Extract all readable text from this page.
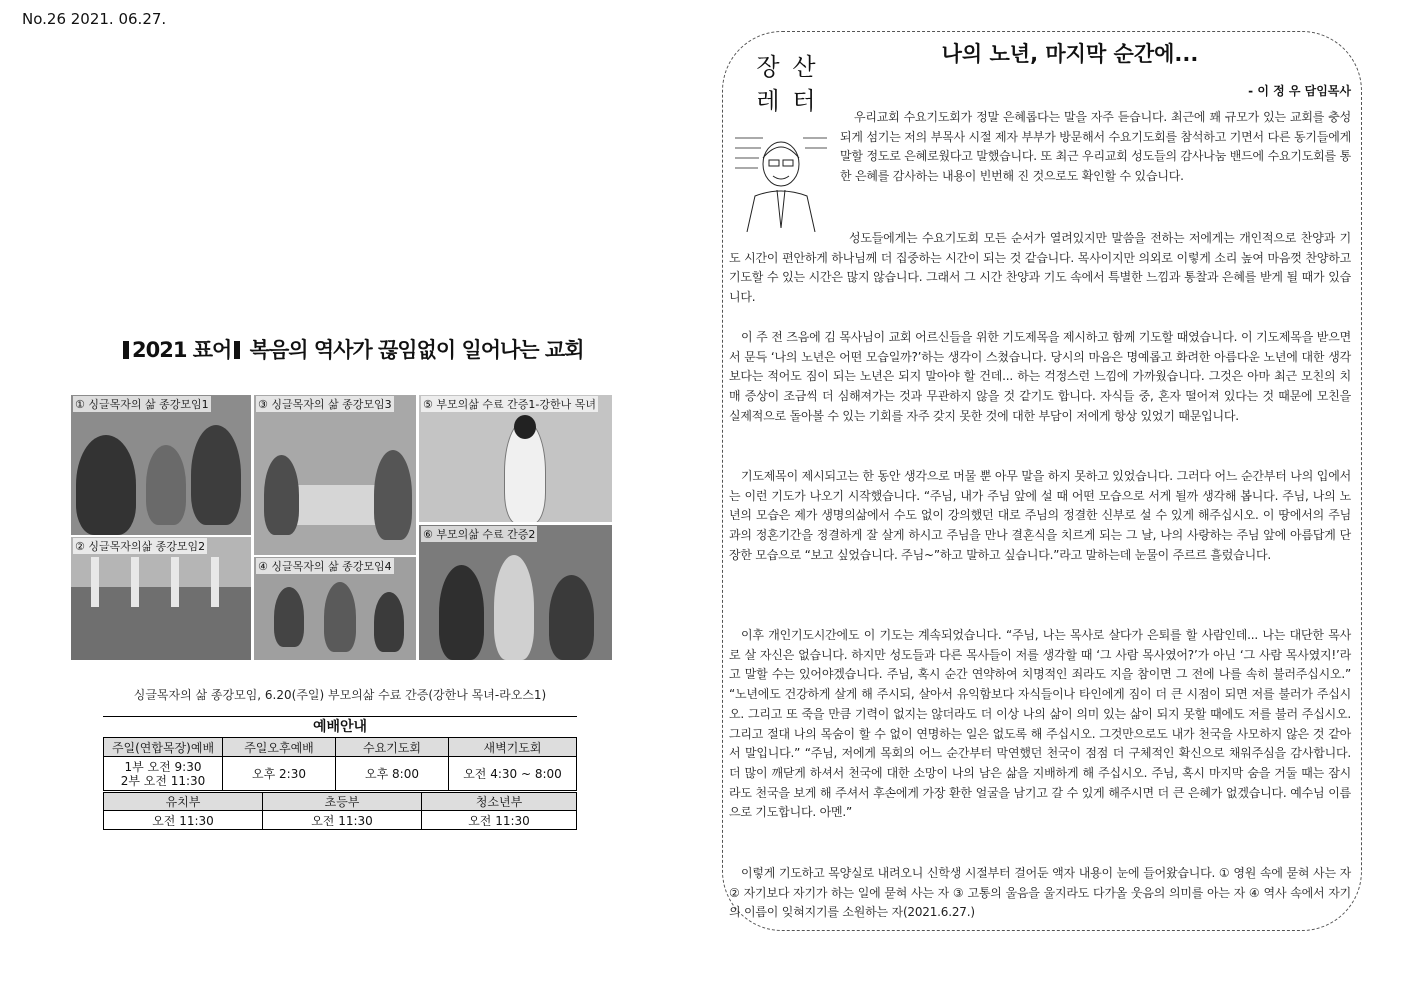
No.26 2021. 06.27.
2021 표어 복음의 역사가 끊임없이 일어나는 교회
① 싱글목자의 삶 종강모임1
② 싱글목자의삶 종강모임2
③ 싱글목자의 삶 종강모임3
④ 싱글목자의 삶 종강모임4
⑤ 부모의삶 수료 간증1-강한나 목녀
⑥ 부모의삶 수료 간증2
싱글목자의 삶 종강모임, 6.20(주일) 부모의삶 수료 간증(강한나 목녀-라오스1)
예배안내
주일(연합목장)예배	주일오후예배	수요기도회	새벽기도회
1부 오전 9:30
2부 오전 11:30	오후 2:30	오후 8:00	오전 4:30 ~ 8:00
유치부	초등부	청소년부
오전 11:30	오전 11:30	오전 11:30
장 산
레 터
나의 노년, 마지막 순간에...
- 이 정 우 담임목사
우리교회 수요기도회가 정말 은혜롭다는 말을 자주 듣습니다. 최근에 꽤 규모가 있는 교회를 충성되게 섬기는 저의 부목사 시절 제자 부부가 방문해서 수요기도회를 참석하고 기면서 다른 동기들에게 말할 정도로 은혜로웠다고 말했습니다. 또 최근 우리교회 성도들의 감사나눔 밴드에 수요기도회를 통한 은혜를 감사하는 내용이 빈번해 진 것으로도 확인할 수 있습니다.
성도들에게는 수요기도회 모든 순서가 열려있지만 말씀을 전하는 저에게는 개인적으로 찬양과 기도 시간이 편안하게 하나님께 더 집중하는 시간이 되는 것 같습니다. 목사이지만 의외로 이렇게 소리 높여 마음껏 찬양하고 기도할 수 있는 시간은 많지 않습니다. 그래서 그 시간 찬양과 기도 속에서 특별한 느낌과 통찰과 은혜를 받게 될 때가 있습니다.
이 주 전 즈음에 김 목사님이 교회 어르신들을 위한 기도제목을 제시하고 함께 기도할 때였습니다. 이 기도제목을 받으면서 문득 ‘나의 노년은 어떤 모습일까?’하는 생각이 스쳤습니다. 당시의 마음은 명예롭고 화려한 아름다운 노년에 대한 생각보다는 적어도 짐이 되는 노년은 되지 말아야 할 건데... 하는 걱정스런 느낌에 가까웠습니다. 그것은 아마 최근 모친의 치매 증상이 조금씩 더 심해져가는 것과 무관하지 않을 것 같기도 합니다. 자식들 중, 혼자 떨어져 있다는 것 때문에 모친을 실제적으로 돌아볼 수 있는 기회를 자주 갖지 못한 것에 대한 부담이 저에게 항상 있었기 때문입니다.
기도제목이 제시되고는 한 동안 생각으로 머물 뿐 아무 말을 하지 못하고 있었습니다. 그러다 어느 순간부터 나의 입에서는 이런 기도가 나오기 시작했습니다. “주님, 내가 주님 앞에 설 때 어떤 모습으로 서게 될까 생각해 봅니다. 주님, 나의 노년의 모습은 제가 생명의삶에서 수도 없이 강의했던 대로 주님의 정결한 신부로 설 수 있게 해주십시오. 이 땅에서의 주님과의 정혼기간을 정결하게 잘 살게 하시고 주님을 만나 결혼식을 치르게 되는 그 날, 나의 사랑하는 주님 앞에 아름답게 단장한 모습으로 “보고 싶었습니다. 주님~”하고 말하고 싶습니다.”라고 말하는데 눈물이 주르르 흘렀습니다.
이후 개인기도시간에도 이 기도는 계속되었습니다. “주님, 나는 목사로 살다가 은퇴를 할 사람인데... 나는 대단한 목사로 살 자신은 없습니다. 하지만 성도들과 다른 목사들이 저를 생각할 때 ‘그 사람 목사였어?’가 아닌 ‘그 사람 목사였지!’라고 말할 수는 있어야겠습니다. 주님, 혹시 순간 연약하여 치명적인 죄라도 지을 참이면 그 전에 나를 속히 불러주십시오.” “노년에도 건강하게 살게 해 주시되, 살아서 유익함보다 자식들이나 타인에게 짐이 더 큰 시점이 되면 저를 불러가 주십시오. 그리고 또 죽을 만큼 기력이 없지는 않더라도 더 이상 나의 삶이 의미 있는 삶이 되지 못할 때에도 저를 불러 주십시오. 그리고 절대 나의 목숨이 할 수 없이 연명하는 일은 없도록 해 주십시오. 그것만으로도 내가 천국을 사모하지 않은 것 같아서 말입니다.” “주님, 저에게 목회의 어느 순간부터 막연했던 천국이 점점 더 구체적인 확신으로 채워주심을 감사합니다. 더 많이 깨닫게 하셔서 천국에 대한 소망이 나의 남은 삶을 지배하게 해 주십시오. 주님, 혹시 마지막 숨을 거둘 때는 잠시라도 천국을 보게 해 주셔서 후손에게 가장 환한 얼굴을 남기고 갈 수 있게 해주시면 더 큰 은혜가 없겠습니다. 예수님 이름으로 기도합니다. 아멘.”
이렇게 기도하고 목양실로 내려오니 신학생 시절부터 걸어둔 액자 내용이 눈에 들어왔습니다. ① 영원 속에 묻혀 사는 자 ② 자기보다 자기가 하는 일에 묻혀 사는 자 ③ 고통의 울음을 울지라도 다가올 웃음의 의미를 아는 자 ④ 역사 속에서 자기의 이름이 잊혀지기를 소원하는 자(2021.6.27.)
